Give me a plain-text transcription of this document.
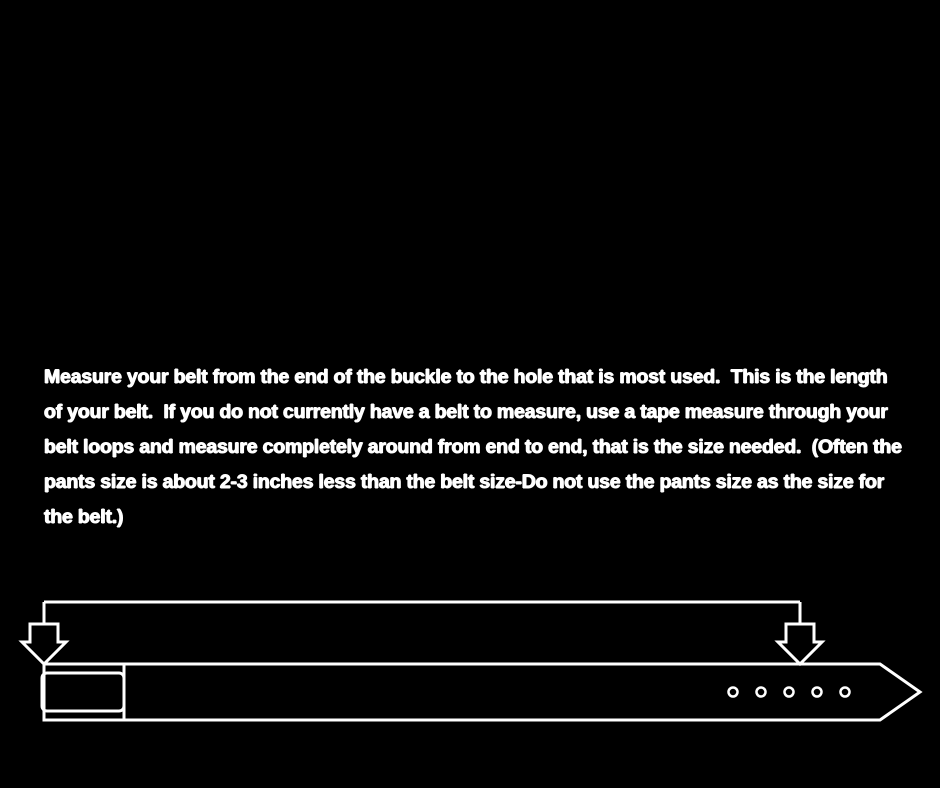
Measure your belt from the end of the buckle to the hole that is most used.  This is the length of your belt.  If you do not currently have a belt to measure, use a tape measure through your belt loops and measure completely around from end to end, that is the size needed.  (Often the pants size is about 2-3 inches less than the belt size-Do not use the pants size as the size for the belt.)
